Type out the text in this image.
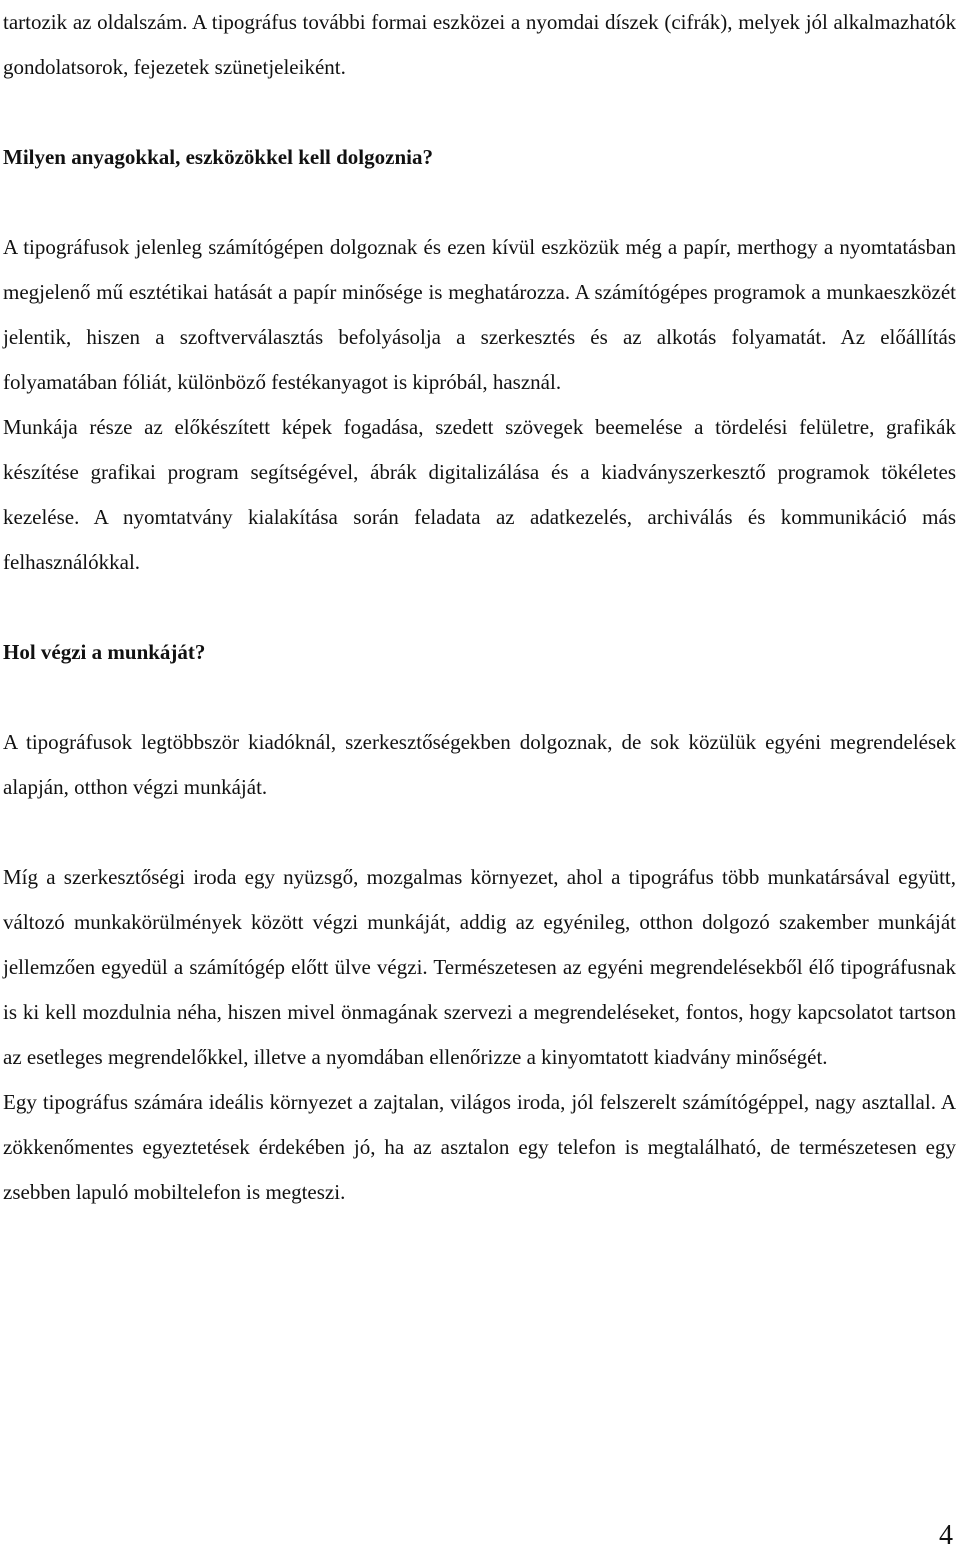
tartozik az oldalszám. A tipográfus további formai eszközei a nyomdai díszek (cifrák), melyek jól alkalmazhatók gondolatsorok, fejezetek szünetjeleiként.

Milyen anyagokkal, eszközökkel kell dolgoznia?

A tipográfusok jelenleg számítógépen dolgoznak és ezen kívül eszközük még a papír, merthogy a nyomtatásban megjelenő mű esztétikai hatását a papír minősége is meghatározza. A számítógépes programok a munkaeszközét jelentik, hiszen a szoftverválasztás befolyásolja a szerkesztés és az alkotás folyamatát. Az előállítás folyamatában fóliát, különböző festékanyagot is kipróbál, használ.

Munkája része az előkészített képek fogadása, szedett szövegek beemelése a tördelési felületre, grafikák készítése grafikai program segítségével, ábrák digitalizálása és a kiadványszerkesztő programok tökéletes kezelése. A nyomtatvány kialakítása során feladata az adatkezelés, archiválás és kommunikáció más felhasználókkal.

Hol végzi a munkáját?

A tipográfusok legtöbbször kiadóknál, szerkesztőségekben dolgoznak, de sok közülük egyéni megrendelések alapján, otthon végzi munkáját.

Míg a szerkesztőségi iroda egy nyüzsgő, mozgalmas környezet, ahol a tipográfus több munkatársával együtt, változó munkakörülmények között végzi munkáját, addig az egyénileg, otthon dolgozó szakember munkáját jellemzően egyedül a számítógép előtt ülve végzi. Természetesen az egyéni megrendelésekből élő tipográfusnak is ki kell mozdulnia néha, hiszen mivel önmagának szervezi a megrendeléseket, fontos, hogy kapcsolatot tartson az esetleges megrendelőkkel, illetve a nyomdában ellenőrizze a kinyomtatott kiadvány minőségét.

Egy tipográfus számára ideális környezet a zajtalan, világos iroda, jól felszerelt számítógéppel, nagy asztallal. A zökkenőmentes egyeztetések érdekében jó, ha az asztalon egy telefon is megtalálható, de természetesen egy zsebben lapuló mobiltelefon is megteszi.

4
